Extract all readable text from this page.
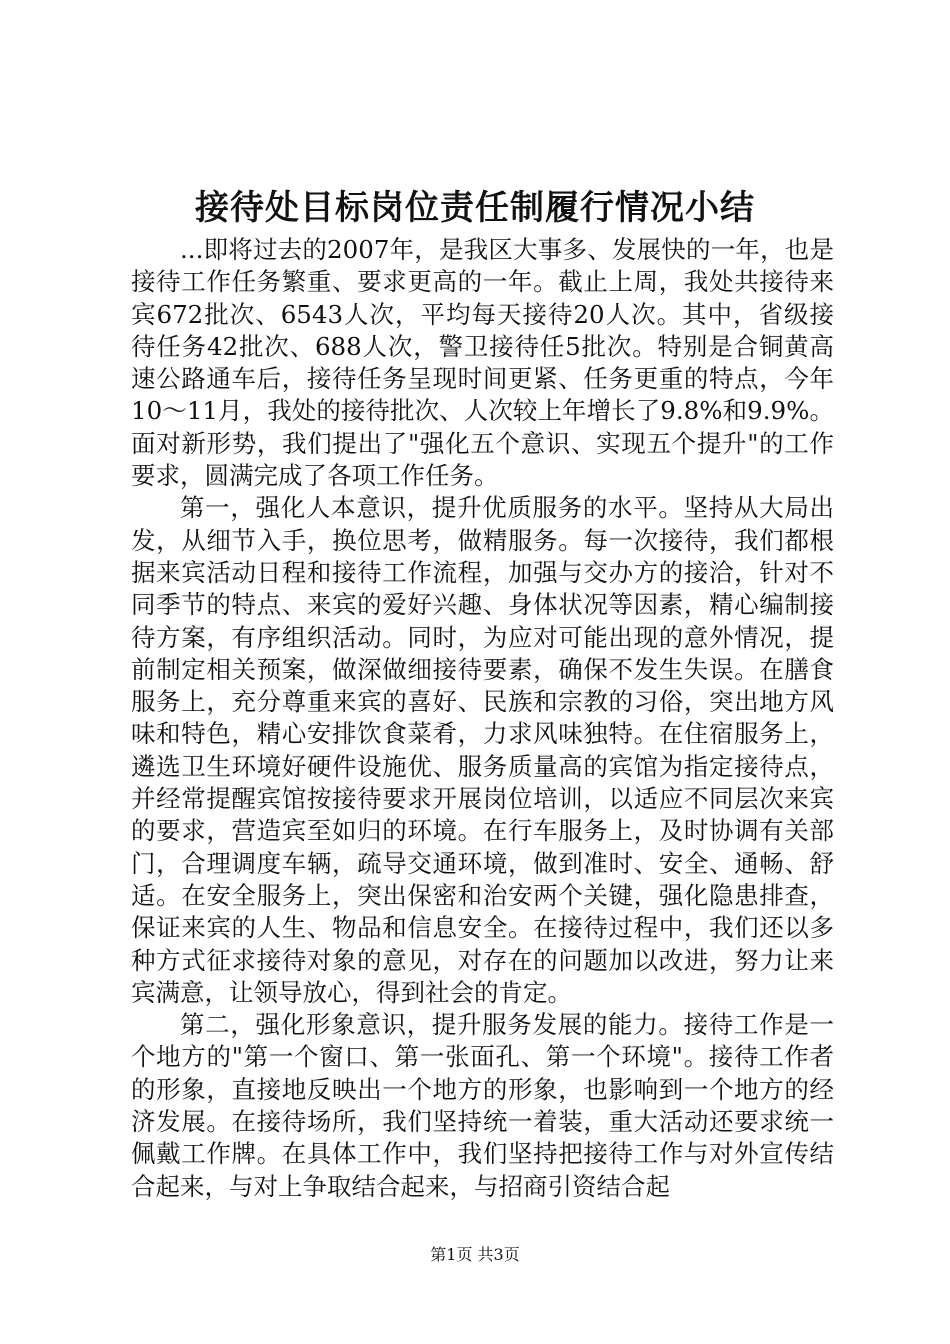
接待处目标岗位责任制履行情况小结

...即将过去的2007年，是我区大事多、发展快的一年，也是接待工作任务繁重、要求更高的一年。截止上周，我处共接待来宾672批次、6543人次，平均每天接待20人次。其中，省级接待任务42批次、688人次，警卫接待任5批次。特别是合铜黄高速公路通车后，接待任务呈现时间更紧、任务更重的特点，今年10～11月，我处的接待批次、人次较上年增长了9.8%和9.9%。面对新形势，我们提出了"强化五个意识、实现五个提升"的工作要求，圆满完成了各项工作任务。

第一，强化人本意识，提升优质服务的水平。坚持从大局出发，从细节入手，换位思考，做精服务。每一次接待，我们都根据来宾活动日程和接待工作流程，加强与交办方的接洽，针对不同季节的特点、来宾的爱好兴趣、身体状况等因素，精心编制接待方案，有序组织活动。同时，为应对可能出现的意外情况，提前制定相关预案，做深做细接待要素，确保不发生失误。在膳食服务上，充分尊重来宾的喜好、民族和宗教的习俗，突出地方风味和特色，精心安排饮食菜肴，力求风味独特。在住宿服务上，遴选卫生环境好硬件设施优、服务质量高的宾馆为指定接待点，并经常提醒宾馆按接待要求开展岗位培训，以适应不同层次来宾的要求，营造宾至如归的环境。在行车服务上，及时协调有关部门，合理调度车辆，疏导交通环境，做到准时、安全、通畅、舒适。在安全服务上，突出保密和治安两个关键，强化隐患排查，保证来宾的人生、物品和信息安全。在接待过程中，我们还以多种方式征求接待对象的意见，对存在的问题加以改进，努力让来宾满意，让领导放心，得到社会的肯定。

第二，强化形象意识，提升服务发展的能力。接待工作是一个地方的"第一个窗口、第一张面孔、第一个环境"。接待工作者的形象，直接地反映出一个地方的形象，也影响到一个地方的经济发展。在接待场所，我们坚持统一着装，重大活动还要求统一佩戴工作牌。在具体工作中，我们坚持把接待工作与对外宣传结合起来，与对上争取结合起来，与招商引资结合起

第1页 共3页
